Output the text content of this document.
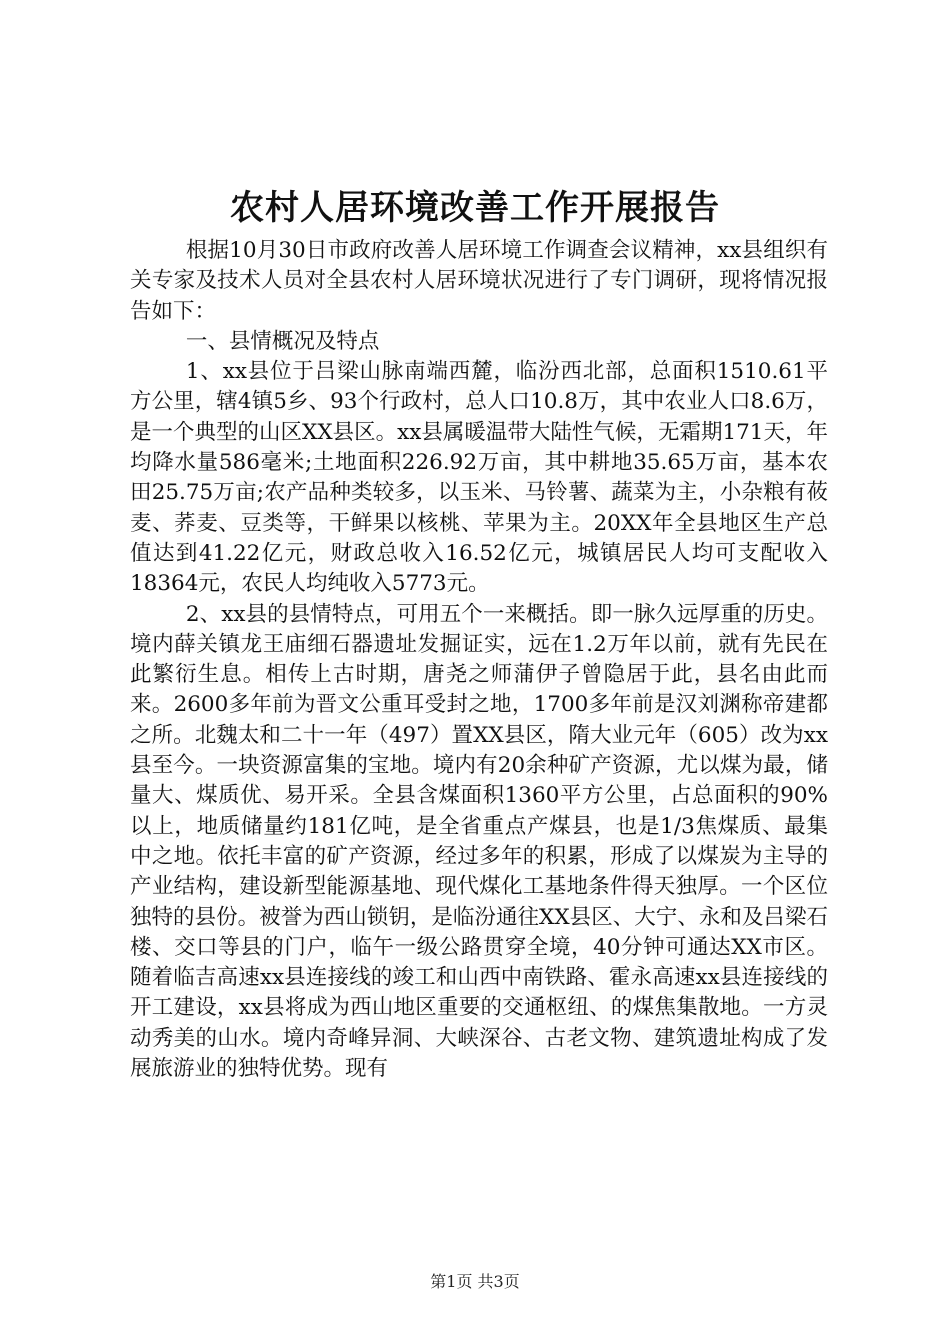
农村人居环境改善工作开展报告

根据10月30日市政府改善人居环境工作调查会议精神，xx县组织有关专家及技术人员对全县农村人居环境状况进行了专门调研，现将情况报告如下：

一、县情概况及特点

1、xx县位于吕梁山脉南端西麓，临汾西北部，总面积1510.61平方公里，辖4镇5乡、93个行政村，总人口10.8万，其中农业人口8.6万，是一个典型的山区XX县区。xx县属暖温带大陆性气候，无霜期171天，年均降水量586毫米;土地面积226.92万亩，其中耕地35.65万亩，基本农田25.75万亩;农产品种类较多，以玉米、马铃薯、蔬菜为主，小杂粮有莜麦、荞麦、豆类等，干鲜果以核桃、苹果为主。20XX年全县地区生产总值达到41.22亿元，财政总收入16.52亿元，城镇居民人均可支配收入18364元，农民人均纯收入5773元。

2、xx县的县情特点，可用五个一来概括。即一脉久远厚重的历史。境内薛关镇龙王庙细石器遗址发掘证实，远在1.2万年以前，就有先民在此繁衍生息。相传上古时期，唐尧之师蒲伊子曾隐居于此，县名由此而来。2600多年前为晋文公重耳受封之地，1700多年前是汉刘渊称帝建都之所。北魏太和二十一年（497）置XX县区，隋大业元年（605）改为xx县至今。一块资源富集的宝地。境内有20余种矿产资源，尤以煤为最，储量大、煤质优、易开采。全县含煤面积1360平方公里，占总面积的90%以上，地质储量约181亿吨，是全省重点产煤县，也是1/3焦煤质、最集中之地。依托丰富的矿产资源，经过多年的积累，形成了以煤炭为主导的产业结构，建设新型能源基地、现代煤化工基地条件得天独厚。一个区位独特的县份。被誉为西山锁钥，是临汾通往XX县区、大宁、永和及吕梁石楼、交口等县的门户，临午一级公路贯穿全境，40分钟可通达XX市区。随着临吉高速xx县连接线的竣工和山西中南铁路、霍永高速xx县连接线的开工建设，xx县将成为西山地区重要的交通枢纽、的煤焦集散地。一方灵动秀美的山水。境内奇峰异洞、大峡深谷、古老文物、建筑遗址构成了发展旅游业的独特优势。现有

第1页 共3页
